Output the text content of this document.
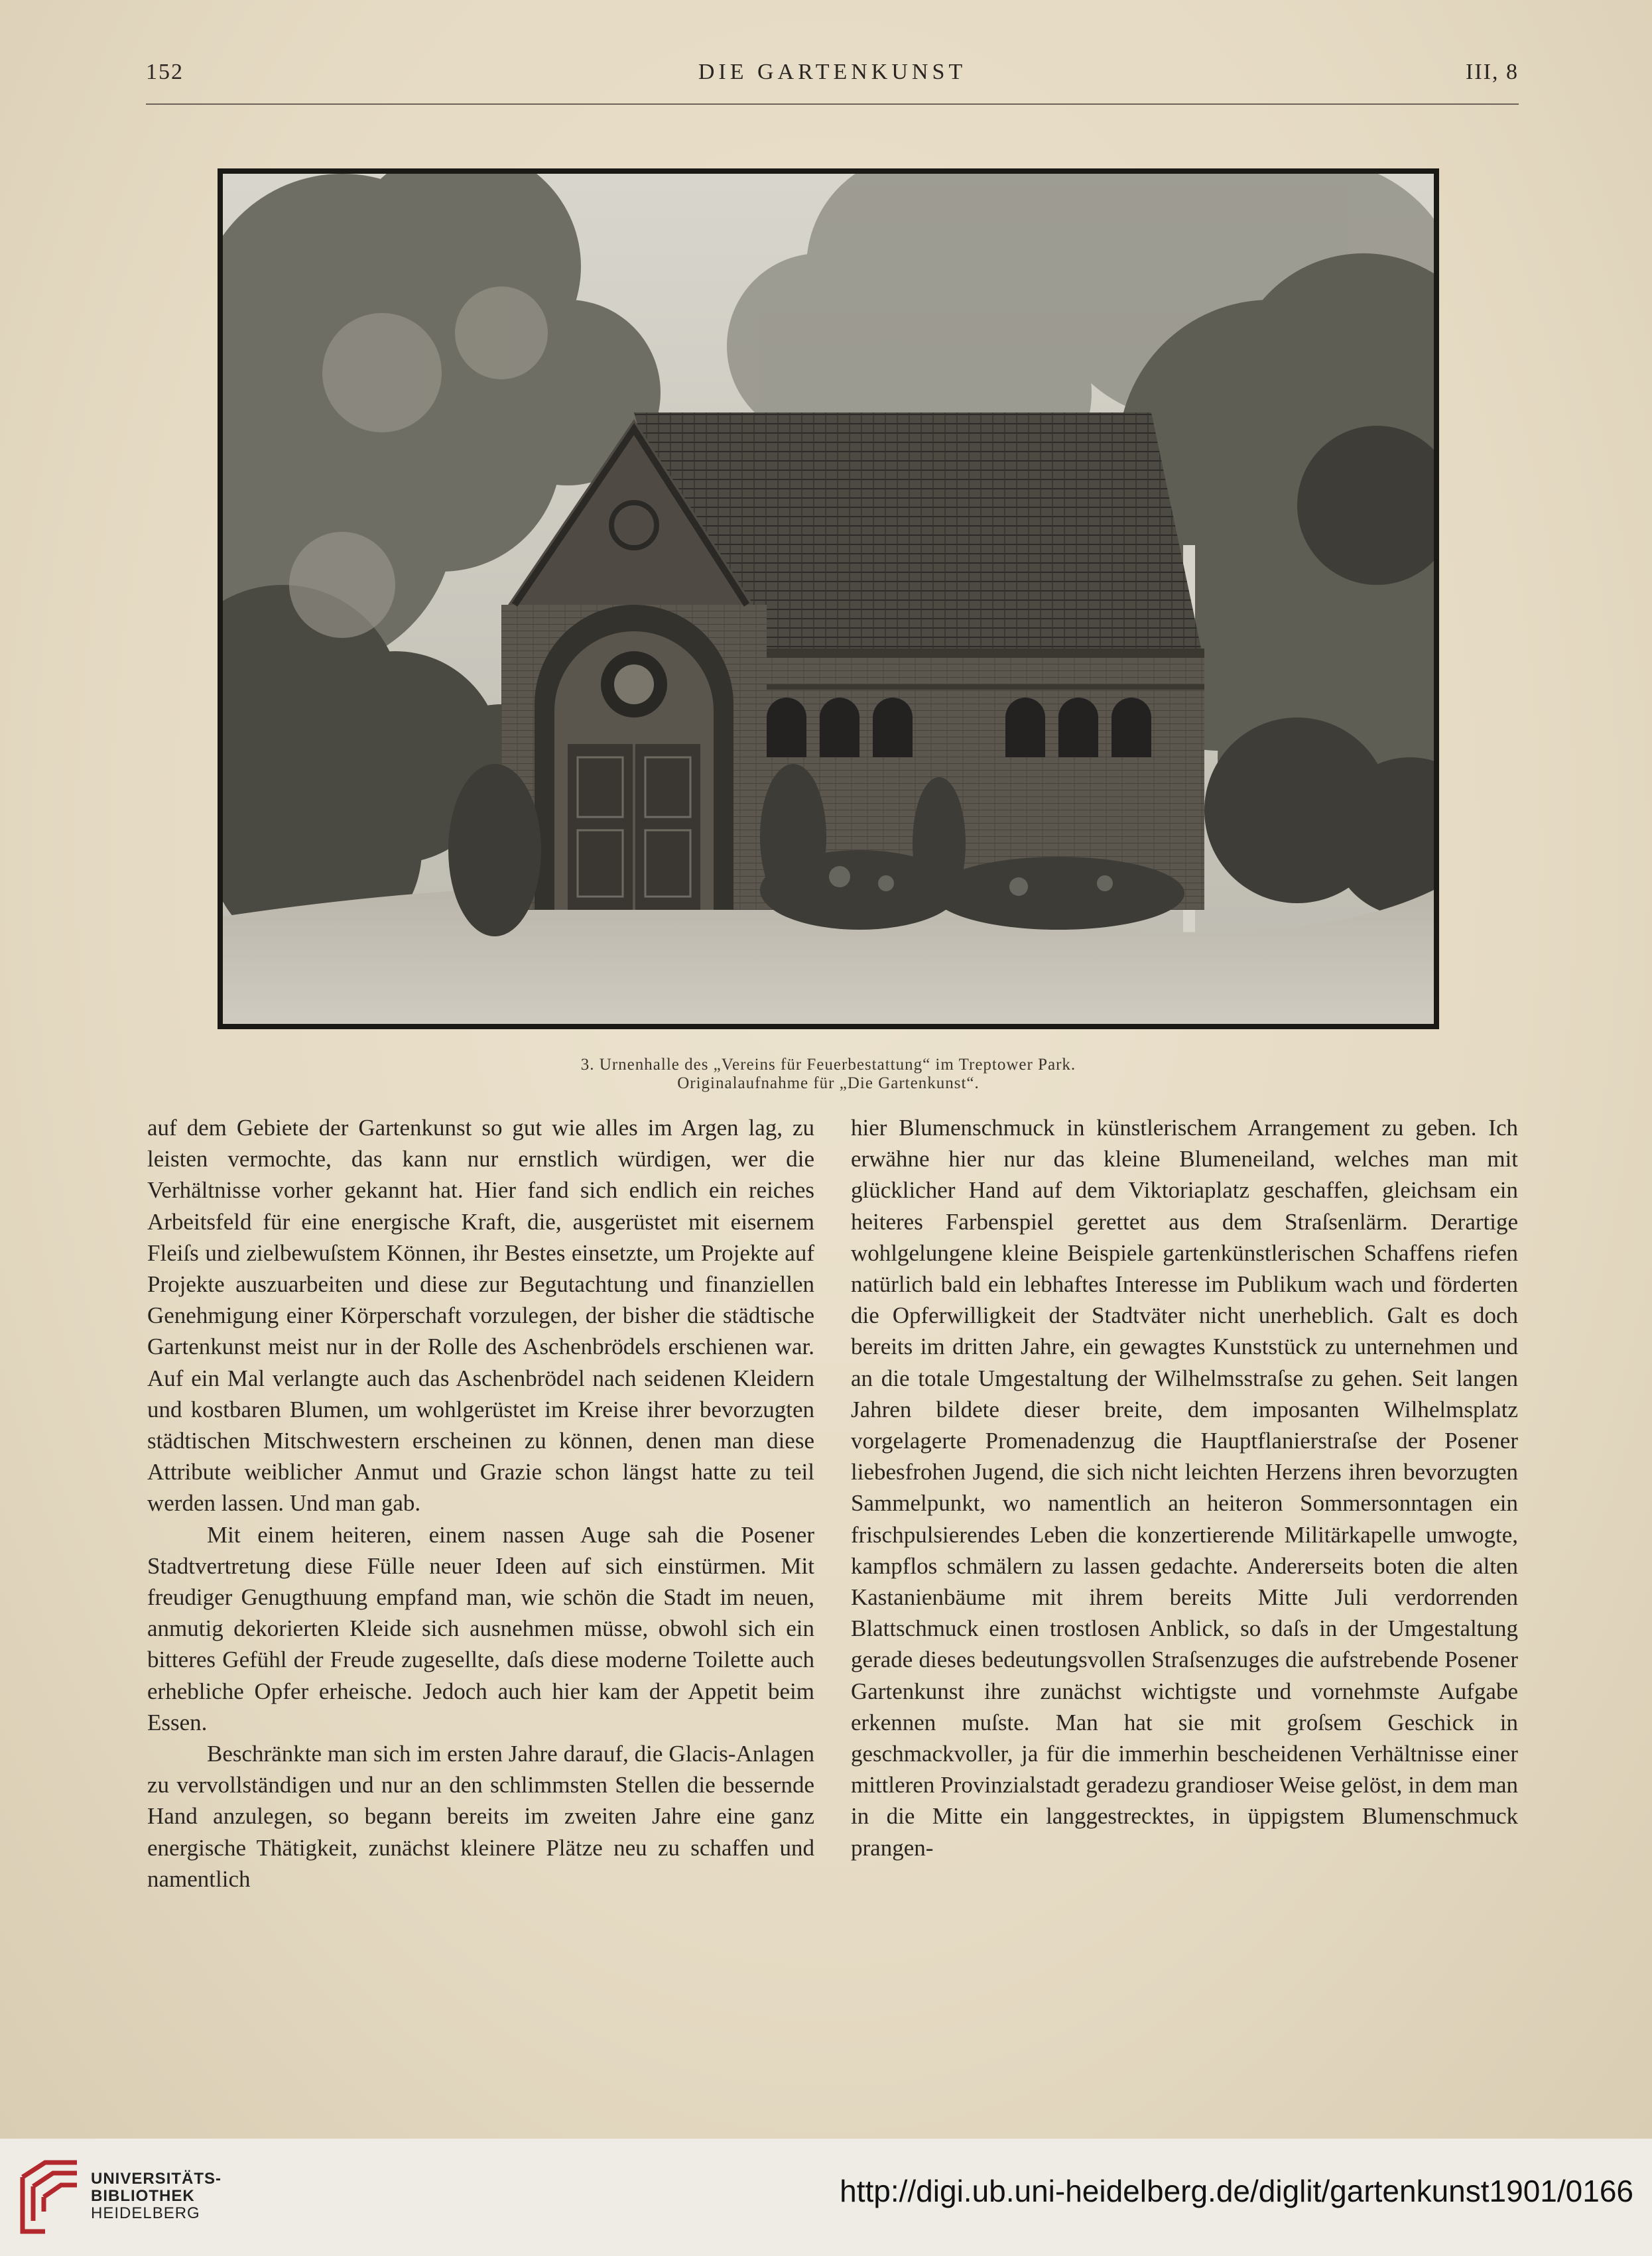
152	DIE GARTENKUNST	III, 8
3. Urnenhalle des „Vereins für Feuerbestattung“ im Treptower Park.
Originalaufnahme für „Die Gartenkunst“.

auf dem Gebiete der Gartenkunst so gut wie alles im Argen lag, zu leisten vermochte, das kann nur ernstlich würdigen, wer die Verhältnisse vorher gekannt hat. Hier fand sich endlich ein reiches Arbeitsfeld für eine energische Kraft, die, ausgerüstet mit eisernem Fleiſs und zielbewuſstem Können, ihr Bestes einsetzte, um Projekte auf Projekte auszuarbeiten und diese zur Begutachtung und finanziellen Genehmigung einer Körperschaft vorzulegen, der bisher die städtische Gartenkunst meist nur in der Rolle des Aschenbrödels erschienen war. Auf ein Mal verlangte auch das Aschenbrödel nach seidenen Kleidern und kostbaren Blumen, um wohlgerüstet im Kreise ihrer bevorzugten städtischen Mitschwestern erscheinen zu können, denen man diese Attribute weiblicher Anmut und Grazie schon längst hatte zu teil werden lassen. Und man gab.

Mit einem heiteren, einem nassen Auge sah die Posener Stadtvertretung diese Fülle neuer Ideen auf sich einstürmen. Mit freudiger Genugthuung empfand man, wie schön die Stadt im neuen, anmutig dekorierten Kleide sich ausnehmen müsse, obwohl sich ein bitteres Gefühl der Freude zugesellte, daſs diese moderne Toilette auch erhebliche Opfer erheische. Jedoch auch hier kam der Appetit beim Essen.

Beschränkte man sich im ersten Jahre darauf, die Glacis-Anlagen zu vervollständigen und nur an den schlimmsten Stellen die bessernde Hand anzulegen, so begann bereits im zweiten Jahre eine ganz energische Thätigkeit, zunächst kleinere Plätze neu zu schaffen und namentlich

hier Blumenschmuck in künstlerischem Arrangement zu geben. Ich erwähne hier nur das kleine Blumeneiland, welches man mit glücklicher Hand auf dem Viktoriaplatz geschaffen, gleichsam ein heiteres Farbenspiel gerettet aus dem Straſsenlärm. Derartige wohlgelungene kleine Beispiele gartenkünstlerischen Schaffens riefen natürlich bald ein lebhaftes Interesse im Publikum wach und förderten die Opferwilligkeit der Stadtväter nicht unerheblich. Galt es doch bereits im dritten Jahre, ein gewagtes Kunststück zu unternehmen und an die totale Umgestaltung der Wilhelmsstraſse zu gehen. Seit langen Jahren bildete dieser breite, dem imposanten Wilhelmsplatz vorgelagerte Promenadenzug die Hauptflanierstraſse der Posener liebesfrohen Jugend, die sich nicht leichten Herzens ihren bevorzugten Sammelpunkt, wo namentlich an heiteron Sommersonntagen ein frischpulsierendes Leben die konzertierende Militärkapelle umwogte, kampflos schmälern zu lassen gedachte. Andererseits boten die alten Kastanienbäume mit ihrem bereits Mitte Juli verdorrenden Blattschmuck einen trostlosen Anblick, so daſs in der Umgestaltung gerade dieses bedeutungsvollen Straſsenzuges die aufstrebende Posener Gartenkunst ihre zunächst wichtigste und vornehmste Aufgabe erkennen muſste. Man hat sie mit groſsem Geschick in geschmackvoller, ja für die immerhin bescheidenen Verhältnisse einer mittleren Provinzialstadt geradezu grandioser Weise gelöst, in dem man in die Mitte ein langgestrecktes, in üppigstem Blumenschmuck prangen-

UNIVERSITÄTS-
BIBLIOTHEK
HEIDELBERG
http://digi.ub.uni-heidelberg.de/diglit/gartenkunst1901/0166
